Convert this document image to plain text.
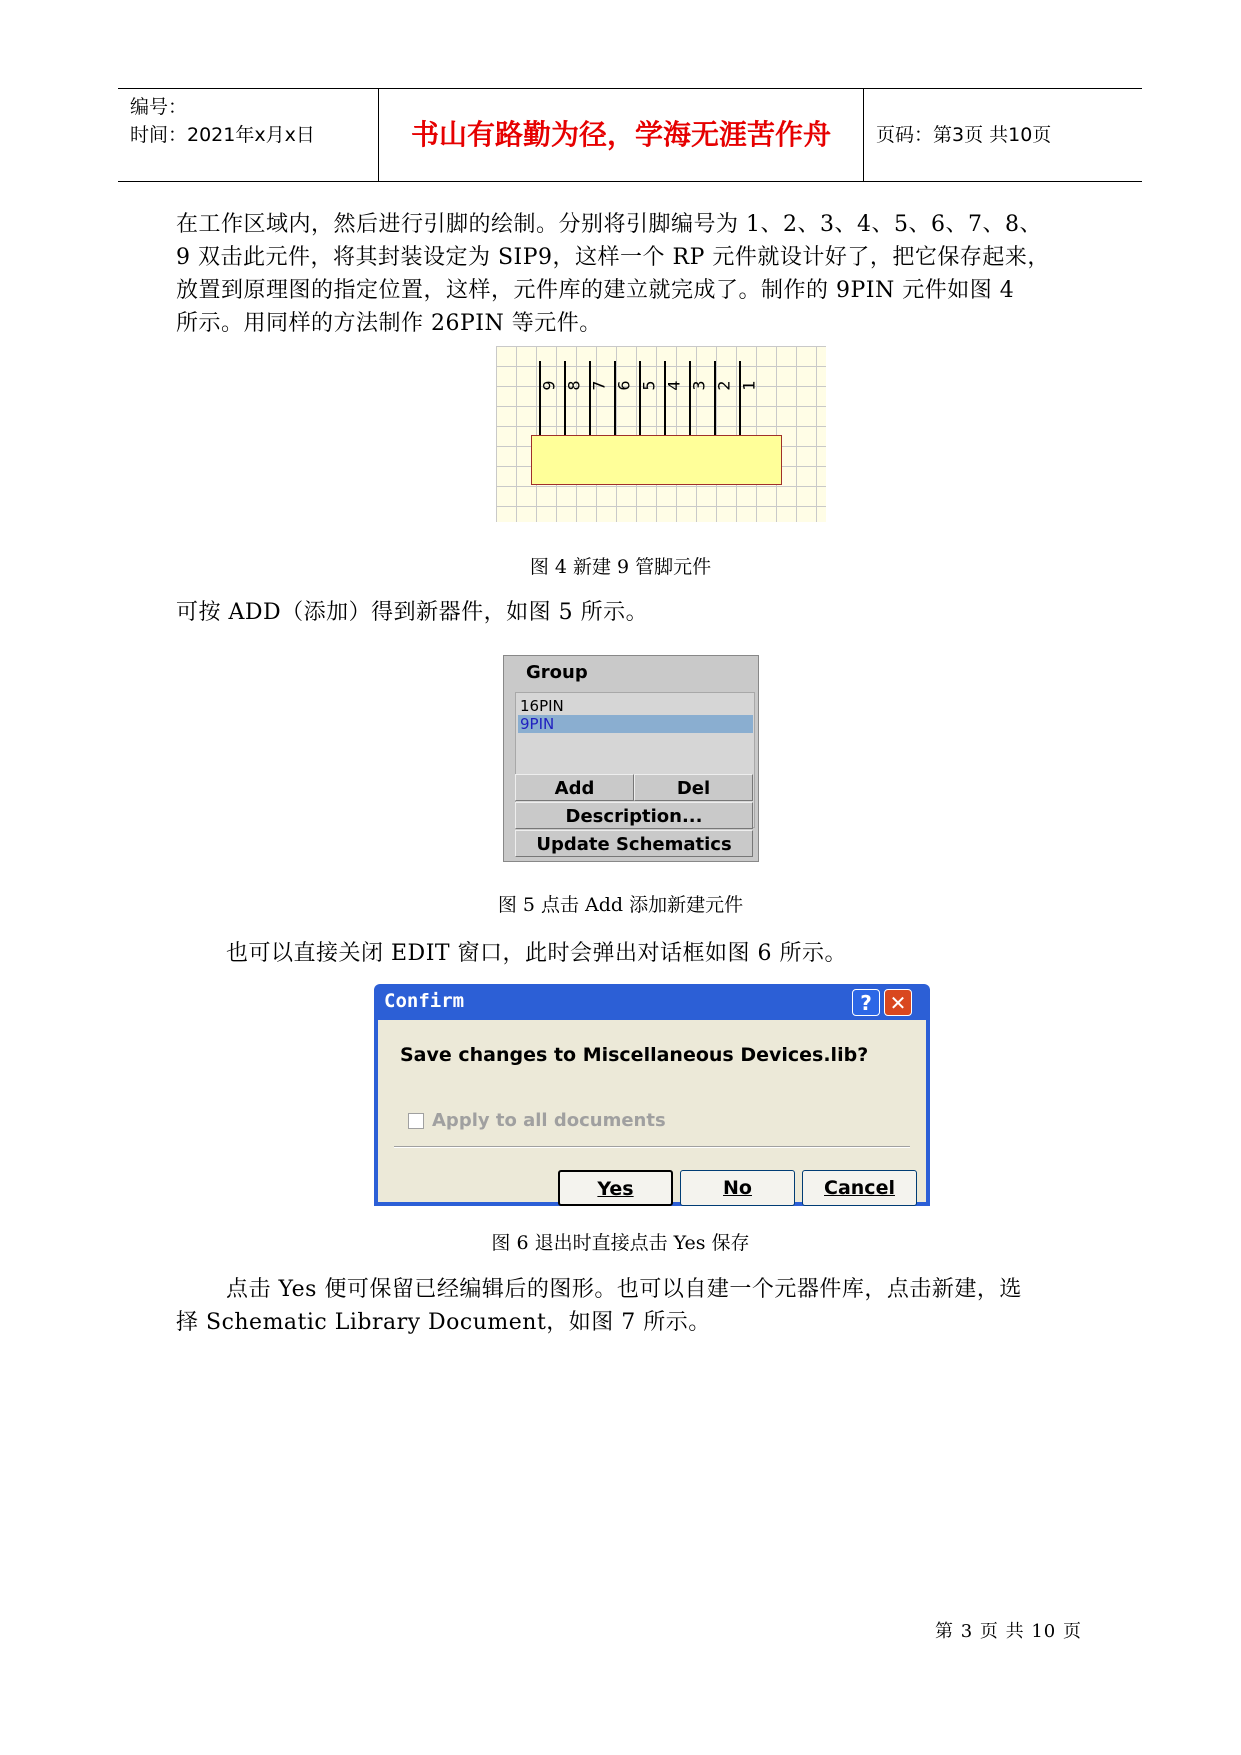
编号：
时间：2021年x月x日	书山有路勤为径，学海无涯苦作舟	页码：第3页 共10页
在工作区域内，然后进行引脚的绘制。分别将引脚编号为 1、2、3、4、5、6、7、8、
9 双击此元件，将其封装设定为 SIP9，这样一个 RP 元件就设计好了，把它保存起来，
放置到原理图的指定位置，这样，元件库的建立就完成了。制作的 9PIN 元件如图 4
所示。用同样的方法制作 26PIN 等元件。
9 8 7 6 5 4 3 2 1
图 4 新建 9 管脚元件
可按 ADD（添加）得到新器件，如图 5 所示。
Group
16PIN
9PIN
Add	Del
Description...
Update Schematics
图 5 点击 Add 添加新建元件
也可以直接关闭 EDIT 窗口，此时会弹出对话框如图 6 所示。
Confirm	? ✕
Save changes to Miscellaneous Devices.lib?
Apply to all documents
Yes	No	Cancel
图 6 退出时直接点击 Yes 保存
点击 Yes 便可保留已经编辑后的图形。也可以自建一个元器件库，点击新建，选
择 Schematic Library Document，如图 7 所示。
第 3 页 共 10 页
